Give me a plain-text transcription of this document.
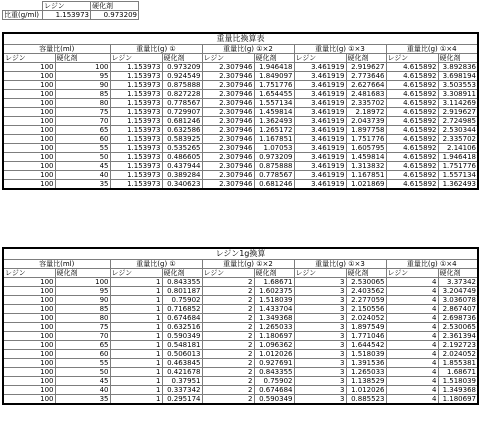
	レジン	硬化剤
比重(g/ml)	1.153973	0.973209
重量比換算表									
容量比(ml)		重量比(g) ①		重量比(g) ①×2		重量比(g) ①×3		重量比(g) ①×4	
レジン	硬化剤	レジン	硬化剤	レジン	硬化剤	レジン	硬化剤	レジン	硬化剤
100	100	1.153973	0.973209	2.307946	1.946418	3.461919	2.919627	4.615892	3.892836
100	95	1.153973	0.924549	2.307946	1.849097	3.461919	2.773646	4.615892	3.698194
100	90	1.153973	0.875888	2.307946	1.751776	3.461919	2.627664	4.615892	3.503553
100	85	1.153973	0.827228	2.307946	1.654455	3.461919	2.481683	4.615892	3.308911
100	80	1.153973	0.778567	2.307946	1.557134	3.461919	2.335702	4.615892	3.114269
100	75	1.153973	0.729907	2.307946	1.459814	3.461919	2.18972	4.615892	2.919627
100	70	1.153973	0.681246	2.307946	1.362493	3.461919	2.043739	4.615892	2.724985
100	65	1.153973	0.632586	2.307946	1.265172	3.461919	1.897758	4.615892	2.530344
100	60	1.153973	0.583925	2.307946	1.167851	3.461919	1.751776	4.615892	2.335702
100	55	1.153973	0.535265	2.307946	1.07053	3.461919	1.605795	4.615892	2.14106
100	50	1.153973	0.486605	2.307946	0.973209	3.461919	1.459814	4.615892	1.946418
100	45	1.153973	0.437944	2.307946	0.875888	3.461919	1.313832	4.615892	1.751776
100	40	1.153973	0.389284	2.307946	0.778567	3.461919	1.167851	4.615892	1.557134
100	35	1.153973	0.340623	2.307946	0.681246	3.461919	1.021869	4.615892	1.362493
レジン1g換算									
容量比(ml)		重量比(g) ①		重量比(g) ①×2		重量比(g) ①×3		重量比(g) ①×4	
レジン	硬化剤	レジン	硬化剤	レジン	硬化剤	レジン	硬化剤	レジン	硬化剤
100	100	1	0.843355	2	1.68671	3	2.530065	4	3.37342
100	95	1	0.801187	2	1.602375	3	2.403562	4	3.204749
100	90	1	0.75902	2	1.518039	3	2.277059	4	3.036078
100	85	1	0.716852	2	1.433704	3	2.150556	4	2.867407
100	80	1	0.674684	2	1.349368	3	2.024052	4	2.698736
100	75	1	0.632516	2	1.265033	3	1.897549	4	2.530065
100	70	1	0.590349	2	1.180697	3	1.771046	4	2.361394
100	65	1	0.548181	2	1.096362	3	1.644542	4	2.192723
100	60	1	0.506013	2	1.012026	3	1.518039	4	2.024052
100	55	1	0.463845	2	0.927691	3	1.391536	4	1.855381
100	50	1	0.421678	2	0.843355	3	1.265033	4	1.68671
100	45	1	0.37951	2	0.75902	3	1.138529	4	1.518039
100	40	1	0.337342	2	0.674684	3	1.012026	4	1.349368
100	35	1	0.295174	2	0.590349	3	0.885523	4	1.180697
